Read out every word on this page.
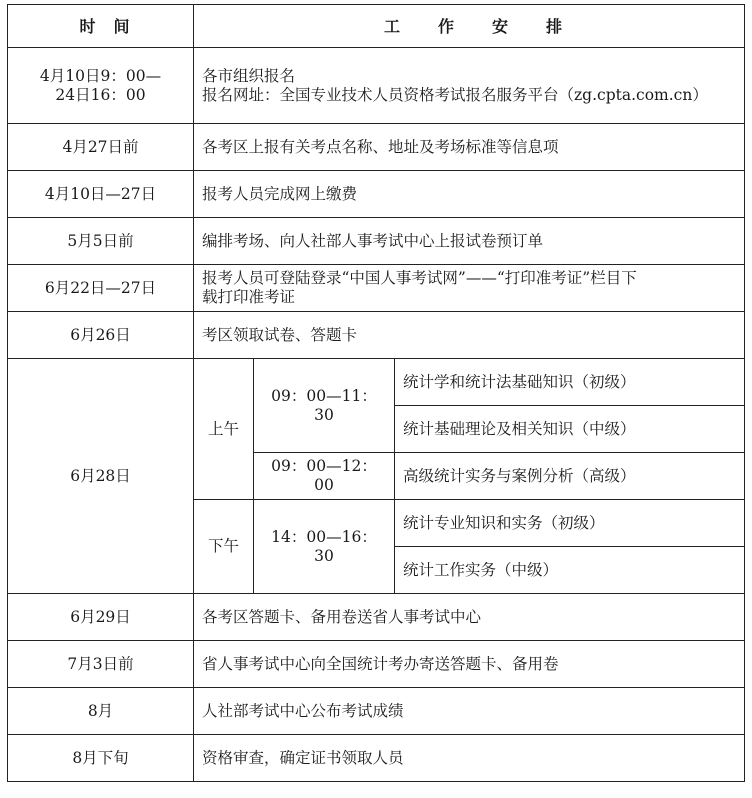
时间	工作安排		

4月10日9：00—
24日16：00	各市组织报名
报名网址：全国专业技术人员资格考试报名服务平台（zg.cpta.com.cn）		

4月27日前	各考区上报有关考点名称、地址及考场标准等信息项		
4月10日—27日	报考人员完成网上缴费		
5月5日前	编排考场、向人社部人事考试中心上报试卷预订单		
6月22日—27日	报考人员可登陆登录“中国人事考试网”——“打印准考证”栏目下
载打印准考证		

6月26日	考区领取试卷、答题卡		
6月28日	上午	09：00—11：30	统计学和统计法基础知识（初级）
			统计基础理论及相关知识（中级）
		09：00—12：00	高级统计实务与案例分析（高级）
	下午	14：00—16：30	统计专业知识和实务（初级）
			统计工作实务（中级）
6月29日	各考区答题卡、备用卷送省人事考试中心		
7月3日前	省人事考试中心向全国统计考办寄送答题卡、备用卷		
8月	人社部考试中心公布考试成绩		
8月下旬	资格审查，确定证书领取人员		
